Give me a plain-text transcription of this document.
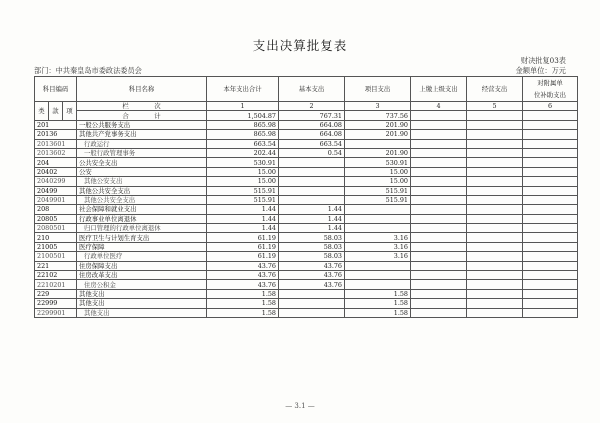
支出决算批复表
财决批复03表
金额单位：万元
部门：中共秦皇岛市委政法委员会
科目编码			科目名称	本年支出合计	基本支出	项目支出	上缴上级支出	经营支出	对附属单
位补助支出

类	款	项	栏　　　　次	1	2	3	4	5	6
			合　　　　计	1,504.87	767.31	737.56			
201			一般公共服务支出	865.98	664.08	201.90			
20136			其他共产党事务支出	865.98	664.08	201.90			
2013601			行政运行	663.54	663.54				
2013602			一般行政管理事务	202.44	0.54	201.90			
204			公共安全支出	530.91		530.91			
20402			公安	15.00		15.00			
2040299			其他公安支出	15.00		15.00			
20499			其他公共安全支出	515.91		515.91			
2049901			其他公共安全支出	515.91		515.91			
208			社会保障和就业支出	1.44	1.44				
20805			行政事业单位离退休	1.44	1.44				
2080501			归口管理的行政单位离退休	1.44	1.44				
210			医疗卫生与计划生育支出	61.19	58.03	3.16			
21005			医疗保障	61.19	58.03	3.16			
2100501			行政单位医疗	61.19	58.03	3.16			
221			住房保障支出	43.76	43.76				
22102			住房改革支出	43.76	43.76				
2210201			住房公积金	43.76	43.76				
229			其他支出	1.58		1.58			
22999			其他支出	1.58		1.58			
2299901			其他支出	1.58		1.58			
— 3.1 —
